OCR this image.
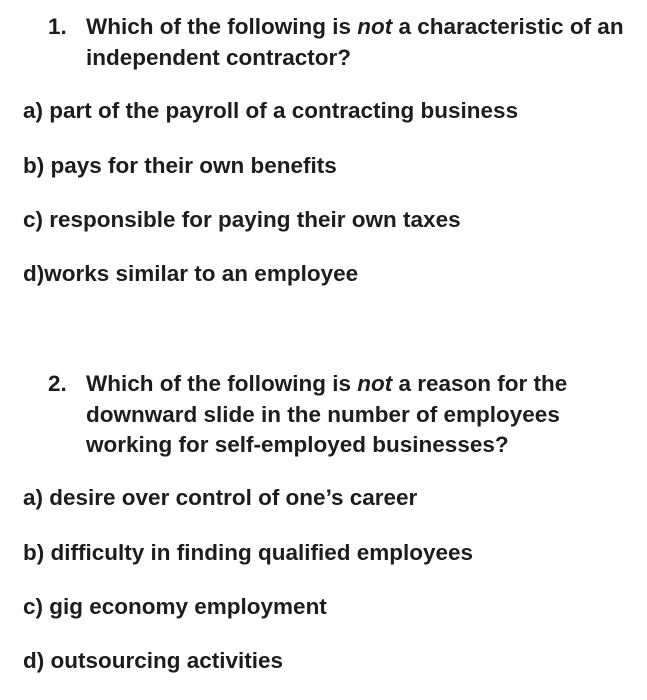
1. Which of the following is not a characteristic of an independent contractor?
a) part of the payroll of a contracting business
b) pays for their own benefits
c) responsible for paying their own taxes
d)works similar to an employee
2. Which of the following is not a reason for the downward slide in the number of employees working for self-employed businesses?
a) desire over control of one’s career
b) difficulty in finding qualified employees
c) gig economy employment
d) outsourcing activities
